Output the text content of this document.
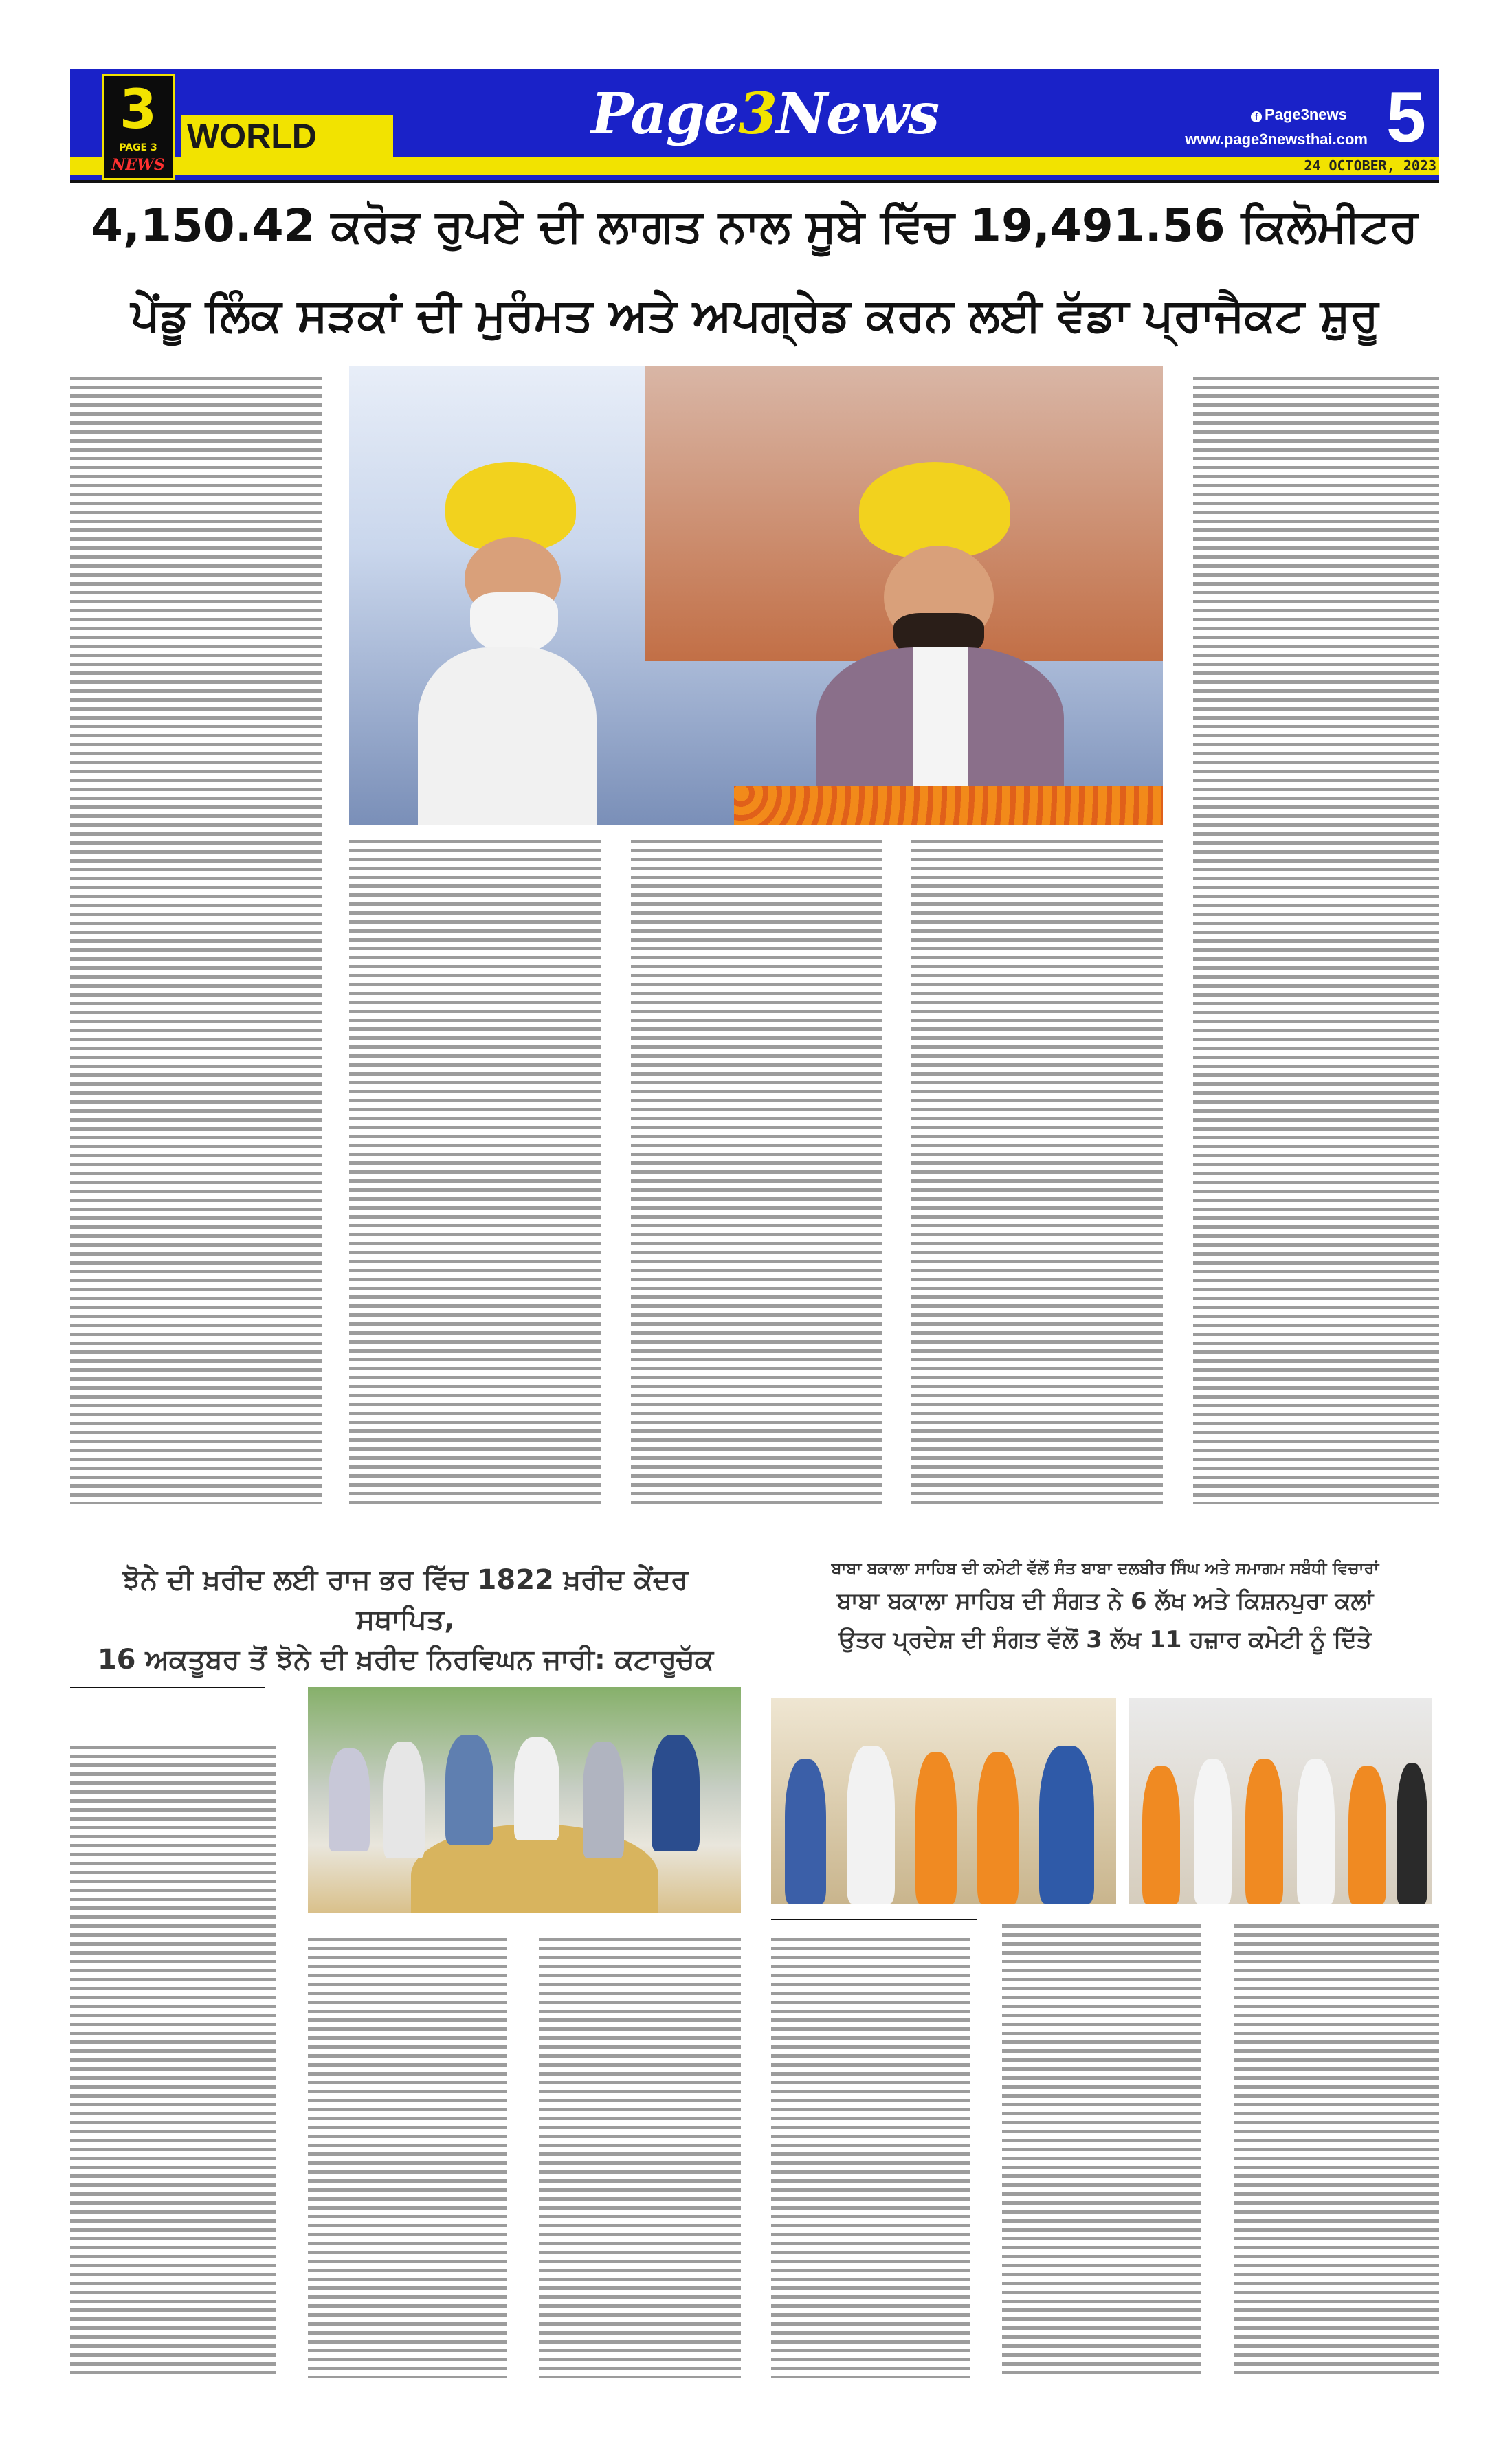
3
PAGE 3
NEWS
WORLD	Page3News	f Page3news
www.page3newsthai.com 5
24 OCTOBER, 2023
4,150.42 ਕਰੋੜ ਰੁਪਏ ਦੀ ਲਾਗਤ ਨਾਲ ਸੂਬੇ ਵਿੱਚ 19,491.56 ਕਿਲੋਮੀਟਰ
ਪੇਂਡੂ ਲਿੰਕ ਸੜਕਾਂ ਦੀ ਮੁਰੰਮਤ ਅਤੇ ਅਪਗ੍ਰੇਡ ਕਰਨ ਲਈ ਵੱਡਾ ਪ੍ਰਾਜੈਕਟ ਸ਼ੁਰੂ
ਝੋਨੇ ਦੀ ਖ਼ਰੀਦ ਲਈ ਰਾਜ ਭਰ ਵਿੱਚ 1822 ਖ਼ਰੀਦ ਕੇਂਦਰ ਸਥਾਪਿਤ,
16 ਅਕਤੂਬਰ ਤੋਂ ਝੋਨੇ ਦੀ ਖ਼ਰੀਦ ਨਿਰਵਿਘਨ ਜਾਰੀ: ਕਟਾਰੂਚੱਕ
ਬਾਬਾ ਬਕਾਲਾ ਸਾਹਿਬ ਦੀ ਕਮੇਟੀ ਵੱਲੋਂ ਸੰਤ ਬਾਬਾ ਦਲਬੀਰ ਸਿੰਘ ਅਤੇ ਸਮਾਗਮ ਸਬੰਧੀ ਵਿਚਾਰਾਂ
ਬਾਬਾ ਬਕਾਲਾ ਸਾਹਿਬ ਦੀ ਸੰਗਤ ਨੇ 6 ਲੱਖ ਅਤੇ ਕਿਸ਼ਨਪੁਰਾ ਕਲਾਂ
ਉਤਰ ਪ੍ਰਦੇਸ਼ ਦੀ ਸੰਗਤ ਵੱਲੋਂ 3 ਲੱਖ 11 ਹਜ਼ਾਰ ਕਮੇਟੀ ਨੂੰ ਦਿੱਤੇ
